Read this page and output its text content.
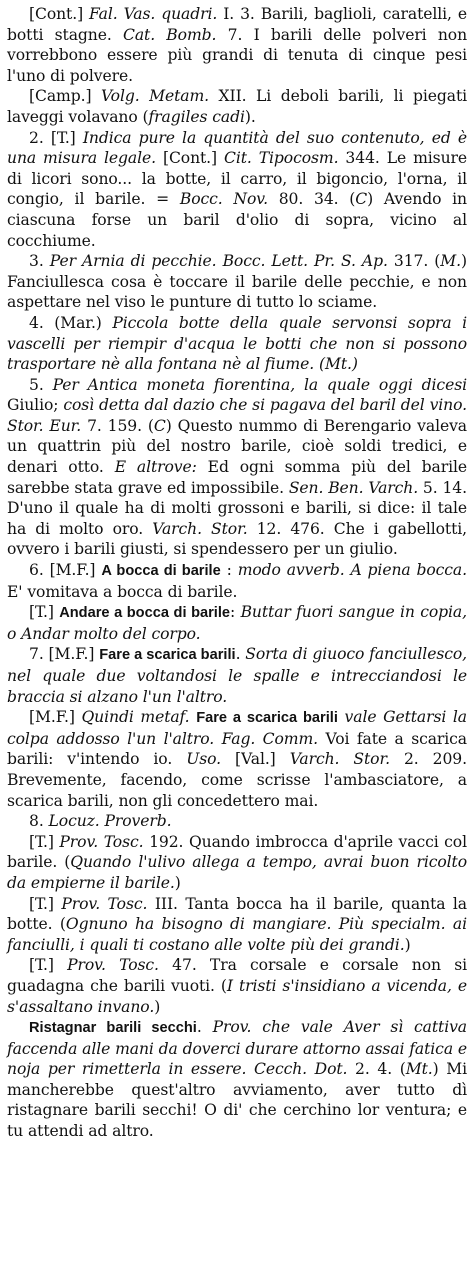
[Cont.] Fal. Vas. quadri. I. 3. Barili, baglioli, caratelli, e botti stagne. Cat. Bomb. 7. I barili delle polveri non vorrebbono essere più grandi di tenuta di cinque pesi l'uno di polvere.

[Camp.] Volg. Metam. XII. Li deboli barili, li piegati laveggi volavano (fragiles cadi).

2. [T.] Indica pure la quantità del suo contenuto, ed è una misura legale. [Cont.] Cit. Tipocosm. 344. Le misure di licori sono... la botte, il carro, il bigoncio, l'orna, il congio, il barile. = Bocc. Nov. 80. 34. (C) Avendo in ciascuna forse un baril d'olio di sopra, vicino al cocchiume.

3. Per Arnia di pecchie. Bocc. Lett. Pr. S. Ap. 317. (M.) Fanciullesca cosa è toccare il barile delle pecchie, e non aspettare nel viso le punture di tutto lo sciame.

4. (Mar.) Piccola botte della quale servonsi sopra i vascelli per riempir d'acqua le botti che non si possono trasportare nè alla fontana nè al fiume. (Mt.)

5. Per Antica moneta fiorentina, la quale oggi dicesi Giulio; così detta dal dazio che si pagava del baril del vino. Stor. Eur. 7. 159. (C) Questo nummo di Berengario valeva un quattrin più del nostro barile, cioè soldi tredici, e denari otto. E altrove: Ed ogni somma più del barile sarebbe stata grave ed impossibile. Sen. Ben. Varch. 5. 14. D'uno il quale ha di molti grossoni e barili, si dice: il tale ha di molto oro. Varch. Stor. 12. 476. Che i gabellotti, ovvero i barili giusti, si spendessero per un giulio.

6. [M.F.] A bocca di barile : modo avverb. A piena bocca. E' vomitava a bocca di barile.

[T.] Andare a bocca di barile: Buttar fuori sangue in copia, o Andar molto del corpo.

7. [M.F.] Fare a scarica barili. Sorta di giuoco fanciullesco, nel quale due voltandosi le spalle e intrecciandosi le braccia si alzano l'un l'altro.

[M.F.] Quindi metaf. Fare a scarica barili vale Gettarsi la colpa addosso l'un l'altro. Fag. Comm. Voi fate a scarica barili: v'intendo io. Uso. [Val.] Varch. Stor. 2. 209. Brevemente, facendo, come scrisse l'ambasciatore, a scarica barili, non gli concedettero mai.

8. Locuz. Proverb.

[T.] Prov. Tosc. 192. Quando imbrocca d'aprile vacci col barile. (Quando l'ulivo allega a tempo, avrai buon ricolto da empierne il barile.)

[T.] Prov. Tosc. III. Tanta bocca ha il barile, quanta la botte. (Ognuno ha bisogno di mangiare. Più specialm. ai fanciulli, i quali ti costano alle volte più dei grandi.)

[T.] Prov. Tosc. 47. Tra corsale e corsale non si guadagna che barili vuoti. (I tristi s'insidiano a vicenda, e s'assaltano invano.)

Ristagnar barili secchi. Prov. che vale Aver sì cattiva faccenda alle mani da doverci durare attorno assai fatica e noja per rimetterla in essere. Cecch. Dot. 2. 4. (Mt.) Mi mancherebbe quest'altro avviamento, aver tutto dì ristagnare barili secchi! O di' che cerchino lor ventura; e tu attendi ad altro.
